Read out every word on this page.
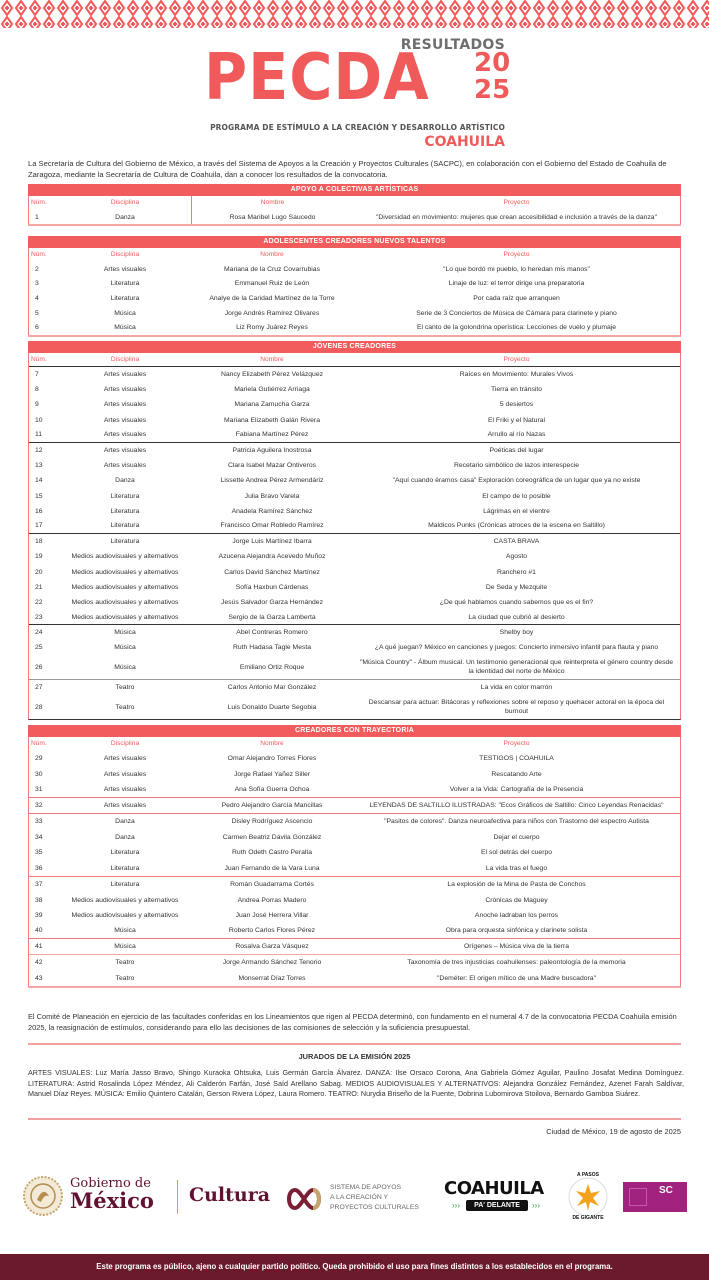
RESULTADOS
PECDA 20
25
PROGRAMA DE ESTÍMULO A LA CREACIÓN Y DESARROLLO ARTÍSTICO
COAHUILA
La Secretaría de Cultura del Gobierno de México, a través del Sistema de Apoyos a la Creación y Proyectos Culturales (SACPC), en colaboración con el Gobierno del Estado de Coahuila de Zaragoza, mediante la Secretaría de Cultura de Coahuila, dan a conocer los resultados de la convocatoria.
APOYO A COLECTIVAS ARTÍSTICAS
Núm.	Disciplina	Nombre	Proyecto
1	Danza	Rosa Maribel Lugo Saucedo	"Diversidad en movimiento: mujeres que crean accesibilidad e inclusión a través de la danza"
ADOLESCENTES CREADORES NUEVOS TALENTOS
Núm.	Disciplina	Nombre	Proyecto
2	Artes visuales	Mariana de la Cruz Covarrubias	"Lo que bordó mi pueblo, lo heredan mis manos"
3	Literatura	Emmanuel Ruiz de León	Linaje de luz: el terror dirige una preparatoria
4	Literatura	Analye de la Caridad Martínez de la Torre	Por cada raíz que arranquen
5	Música	Jorge Andrés Ramírez Olivares	Serie de 3 Conciertos de Música de Cámara para clarinete y piano
6	Música	Liz Romy Juárez Reyes	El canto de la golondrina operística: Lecciones de vuelo y plumaje
JÓVENES CREADORES
Núm.	Disciplina	Nombre	Proyecto
7	Artes visuales	Nancy Elizabeth Pérez Velázquez	Raíces en Movimiento: Murales Vivos
8	Artes visuales	Mariela Gutiérrez Arriaga	Tierra en tránsito
9	Artes visuales	Mariana Zamucha Garza	5 desiertos
10	Artes visuales	Mariana Elizabeth Galán Rivera	El Friki y el Natural
11	Artes visuales	Fabiana Martínez Pérez	Arrullo al río Nazas
12	Artes visuales	Patricia Aguilera Inostrosa	Poéticas del lugar
13	Artes visuales	Clara Isabel Mazar Ontiveros	Recetario simbólico de lazos interespecie
14	Danza	Lissette Andrea Pérez Armendáriz	"Aquí cuando éramos casa" Exploración coreográfica de un lugar que ya no existe
15	Literatura	Julia Bravo Varela	El campo de lo posible
16	Literatura	Anadela Ramírez Sánchez	Lágrimas en el vientre
17	Literatura	Francisco Omar Robledo Ramírez	Maldicos Punks (Crónicas atroces de la escena en Saltillo)
18	Literatura	Jorge Luis Martínez Ibarra	CASTA BRAVA
19	Medios audiovisuales y alternativos	Azucena Alejandra Acevedo Muñoz	Agosto
20	Medios audiovisuales y alternativos	Carlos David Sánchez Martínez	Ranchero #1
21	Medios audiovisuales y alternativos	Sofía Haxbun Cárdenas	De Seda y Mezquite
22	Medios audiovisuales y alternativos	Jesús Salvador Garza Hernández	¿De qué hablamos cuando sabemos que es el fin?
23	Medios audiovisuales y alternativos	Sergio de la Garza Lamberta	La ciudad que cubrió al desierto
24	Música	Abel Contreras Romero	Shelby boy
25	Música	Ruth Hadasa Tagle Mesta	¿A qué juegan? México en canciones y juegos: Concierto inmersivo infantil para flauta y piano
26	Música	Emiliano Ortiz Roque
"Música Country" - Álbum musical. Un testimonio generacional que reinterpreta el género country desde la identidad del norte de México
27	Teatro	Carlos Antonio Mar González	La vida en color marrón
28	Teatro	Luis Donaldo Duarte Segobia
Descansar para actuar: Bitácoras y reflexiones sobre el reposo y quehacer actoral en la época del burnout
CREADORES CON TRAYECTORIA
Núm.	Disciplina	Nombre	Proyecto
29	Artes visuales	Omar Alejandro Torres Flores	TESTIGOS | COAHUILA
30	Artes visuales	Jorge Rafael Yañez Siller	Rescatando Arte
31	Artes visuales	Ana Sofía Guerra Ochoa	Volver a la Vida: Cartografía de la Presencia
32	Artes visuales	Pedro Alejandro García Mancillas	LEYENDAS DE SALTILLO ILUSTRADAS: "Ecos Gráficos de Saltillo: Cinco Leyendas Renacidas"
33	Danza	Disley Rodríguez Ascencio	"Pasitos de colores". Danza neuroafectiva para niños con Trastorno del espectro Autista
34	Danza	Carmen Beatriz Dávila González	Dejar el cuerpo
35	Literatura	Ruth Odeth Castro Peralta	El sol detrás del cuerpo
36	Literatura	Juan Fernando de la Vara Luna	La vida tras el fuego
37	Literatura	Román Guadarrama Cortés	La explosión de la Mina de Pasta de Conchos
38	Medios audiovisuales y alternativos	Andrea Porras Madero	Crónicas de Maguey
39	Medios audiovisuales y alternativos	Juan José Herrera Villar	Anoche ladraban los perros
40	Música	Roberto Carlos Flores Pérez	Obra para orquesta sinfónica y clarinete solista
41	Música	Rosalva Garza Vásquez	Orígenes – Música viva de la tierra
42	Teatro	Jorge Armando Sánchez Tenorio	Taxonomía de tres injusticias coahuilenses: paleontología de la memoria
43	Teatro	Monserrat Díaz Torres	"Deméter: El origen mítico de una Madre buscadora"
El Comité de Planeación en ejercicio de las facultades conferidas en los Lineamientos que rigen al PECDA determinó, con fundamento en el numeral 4.7 de la convocatoria PECDA Coahuila emisión 2025, la reasignación de estímulos, considerando para ello las decisiones de las comisiones de selección y la suficiencia presupuestal.
JURADOS DE LA EMISIÓN 2025
ARTES VISUALES: Luz María Jasso Bravo, Shingo Kuraoka Ohtsuka, Luis Germán García Álvarez. DANZA: Ilse Orsaco Corona, Ana Gabriela Gómez Aguilar, Paulino Josafat Medina Domínguez. LITERATURA: Astrid Rosalinda López Méndez, Ali Calderón Farfán, José Saíd Arellano Sabag. MEDIOS AUDIOVISUALES Y ALTERNATIVOS: Alejandra González Fernández, Azenet Farah Saldívar, Manuel Díaz Reyes. MÚSICA: Emilio Quintero Catalán, Gerson Rivera López, Laura Romero. TEATRO: Nurydia Briseño de la Fuente, Dobrina Lubomirova Stoilova, Bernardo Gamboa Suárez.
Ciudad de México, 19 de agosto de 2025
Gobierno de
México Cultura	SISTEMA DE APOYOS
A LA CREACIÓN Y
PROYECTOS CULTURALES
COAHUILA
PA' DELANTE
›››	›››
A PASOS
DE GIGANTE
SC
Este programa es público, ajeno a cualquier partido político. Queda prohibido el uso para fines distintos a los establecidos en el programa.
